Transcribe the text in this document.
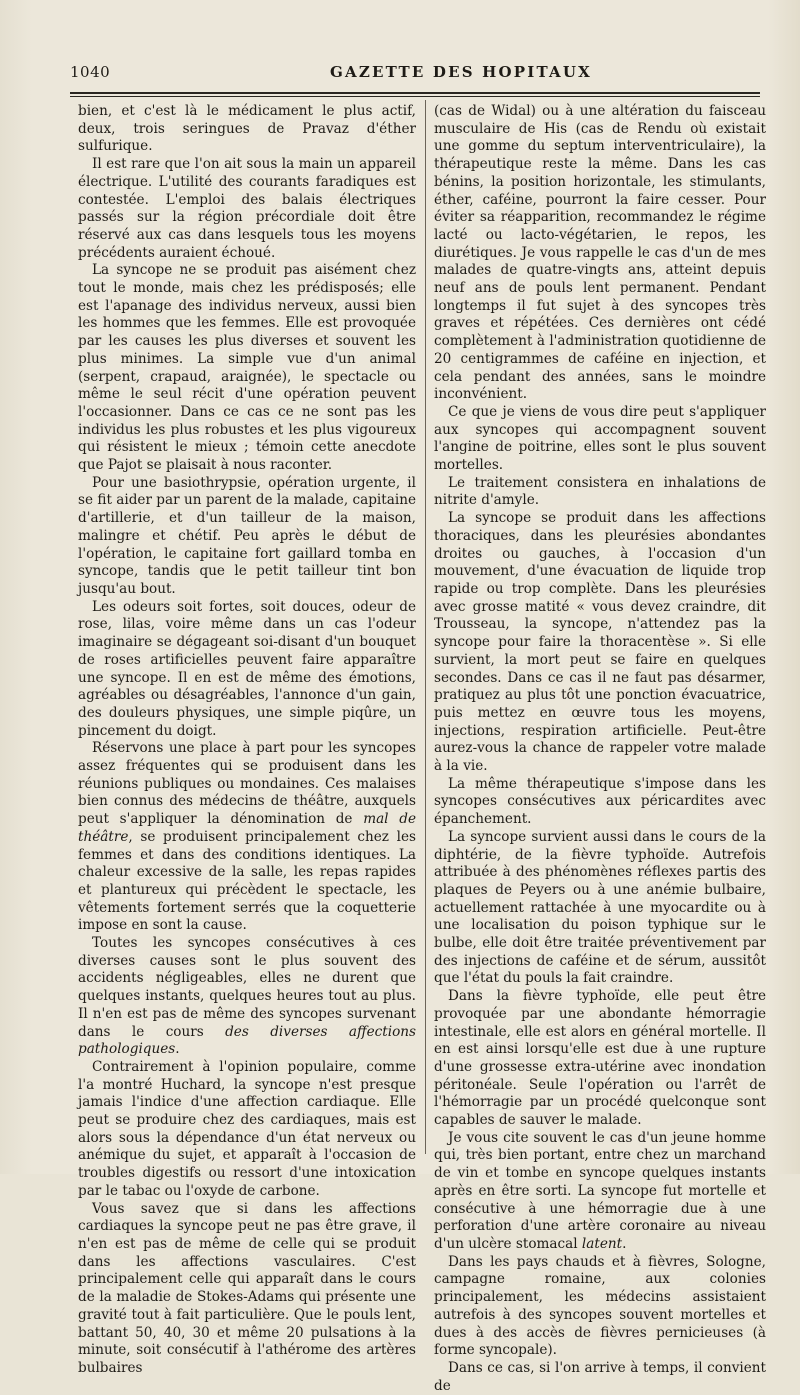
1040	GAZETTE DES HOPITAUX

bien, et c'est là le médicament le plus actif, deux, trois seringues de Pravaz d'éther sulfurique.

Il est rare que l'on ait sous la main un appareil électrique. L'utilité des courants faradiques est contestée. L'emploi des balais électriques passés sur la région précordiale doit être réservé aux cas dans lesquels tous les moyens précédents auraient échoué.

La syncope ne se produit pas aisément chez tout le monde, mais chez les prédisposés; elle est l'apanage des individus nerveux, aussi bien les hommes que les femmes. Elle est provoquée par les causes les plus diverses et souvent les plus minimes. La simple vue d'un animal (serpent, crapaud, araignée), le spectacle ou même le seul récit d'une opération peuvent l'occasionner. Dans ce cas ce ne sont pas les individus les plus robustes et les plus vigoureux qui résistent le mieux ; témoin cette anecdote que Pajot se plaisait à nous raconter.

Pour une basiothrypsie, opération urgente, il se fit aider par un parent de la malade, capitaine d'artillerie, et d'un tailleur de la maison, malingre et chétif. Peu après le début de l'opération, le capitaine fort gaillard tomba en syncope, tandis que le petit tailleur tint bon jusqu'au bout.

Les odeurs soit fortes, soit douces, odeur de rose, lilas, voire même dans un cas l'odeur imaginaire se dégageant soi-disant d'un bouquet de roses artificielles peuvent faire apparaître une syncope. Il en est de même des émotions, agréables ou désagréables, l'annonce d'un gain, des douleurs physiques, une simple piqûre, un pincement du doigt.

Réservons une place à part pour les syncopes assez fréquentes qui se produisent dans les réunions publiques ou mondaines. Ces malaises bien connus des médecins de théâtre, auxquels peut s'appliquer la dénomination de mal de théâtre, se produisent principalement chez les femmes et dans des conditions identiques. La chaleur excessive de la salle, les repas rapides et plantureux qui précèdent le spectacle, les vêtements fortement serrés que la coquetterie impose en sont la cause.

Toutes les syncopes consécutives à ces diverses causes sont le plus souvent des accidents négligeables, elles ne durent que quelques instants, quelques heures tout au plus. Il n'en est pas de même des syncopes survenant dans le cours des diverses affections pathologiques.

Contrairement à l'opinion populaire, comme l'a montré Huchard, la syncope n'est presque jamais l'indice d'une affection cardiaque. Elle peut se produire chez des cardiaques, mais est alors sous la dépendance d'un état nerveux ou anémique du sujet, et apparaît à l'occasion de troubles digestifs ou ressort d'une intoxication par le tabac ou l'oxyde de carbone.

Vous savez que si dans les affections cardiaques la syncope peut ne pas être grave, il n'en est pas de même de celle qui se produit dans les affections vasculaires. C'est principalement celle qui apparaît dans le cours de la maladie de Stokes-Adams qui présente une gravité tout à fait particulière. Que le pouls lent, battant 50, 40, 30 et même 20 pulsations à la minute, soit consécutif à l'athérome des artères bulbaires

(cas de Widal) ou à une altération du faisceau musculaire de His (cas de Rendu où existait une gomme du septum interventriculaire), la thérapeutique reste la même. Dans les cas bénins, la position horizontale, les stimulants, éther, caféine, pourront la faire cesser. Pour éviter sa réapparition, recommandez le régime lacté ou lacto-végétarien, le repos, les diurétiques. Je vous rappelle le cas d'un de mes malades de quatre-vingts ans, atteint depuis neuf ans de pouls lent permanent. Pendant longtemps il fut sujet à des syncopes très graves et répétées. Ces dernières ont cédé complètement à l'administration quotidienne de 20 centigrammes de caféine en injection, et cela pendant des années, sans le moindre inconvénient.

Ce que je viens de vous dire peut s'appliquer aux syncopes qui accompagnent souvent l'angine de poitrine, elles sont le plus souvent mortelles.

Le traitement consistera en inhalations de nitrite d'amyle.

La syncope se produit dans les affections thoraciques, dans les pleurésies abondantes droites ou gauches, à l'occasion d'un mouvement, d'une évacuation de liquide trop rapide ou trop complète. Dans les pleurésies avec grosse matité « vous devez craindre, dit Trousseau, la syncope, n'attendez pas la syncope pour faire la thoracentèse ». Si elle survient, la mort peut se faire en quelques secondes. Dans ce cas il ne faut pas désarmer, pratiquez au plus tôt une ponction évacuatrice, puis mettez en œuvre tous les moyens, injections, respiration artificielle. Peut-être aurez-vous la chance de rappeler votre malade à la vie.

La même thérapeutique s'impose dans les syncopes consécutives aux péricardites avec épanchement.

La syncope survient aussi dans le cours de la diphtérie, de la fièvre typhoïde. Autrefois attribuée à des phénomènes réflexes partis des plaques de Peyers ou à une anémie bulbaire, actuellement rattachée à une myocardite ou à une localisation du poison typhique sur le bulbe, elle doit être traitée préventivement par des injections de caféine et de sérum, aussitôt que l'état du pouls la fait craindre.

Dans la fièvre typhoïde, elle peut être provoquée par une abondante hémorragie intestinale, elle est alors en général mortelle. Il en est ainsi lorsqu'elle est due à une rupture d'une grossesse extra-utérine avec inondation péritonéale. Seule l'opération ou l'arrêt de l'hémorragie par un procédé quelconque sont capables de sauver le malade.

Je vous cite souvent le cas d'un jeune homme qui, très bien portant, entre chez un marchand de vin et tombe en syncope quelques instants après en être sorti. La syncope fut mortelle et consécutive à une hémorragie due à une perforation d'une artère coronaire au niveau d'un ulcère stomacal latent.

Dans les pays chauds et à fièvres, Sologne, campagne romaine, aux colonies principalement, les médecins assistaient autrefois à des syncopes souvent mortelles et dues à des accès de fièvres pernicieuses (à forme syncopale).

Dans ce cas, si l'on arrive à temps, il convient de
